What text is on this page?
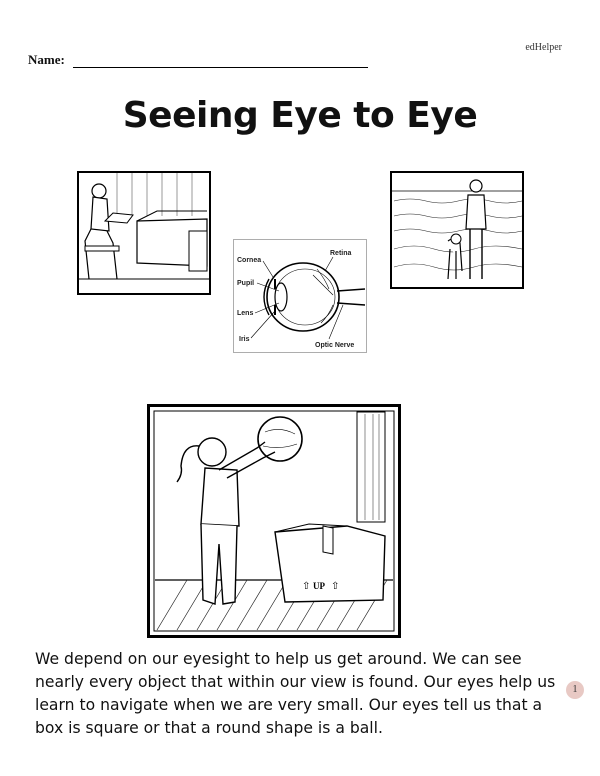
edHelper
Name:
Seeing Eye to Eye
Cornea
Retina
Pupil
Lens
Iris
Optic Nerve
UP
⇧ ⇧
We depend on our eyesight to help us get around. We can see nearly every object that within our view is found. Our eyes help us learn to navigate when we are very small. Our eyes tell us that a box is square or that a round shape is a ball.
1
